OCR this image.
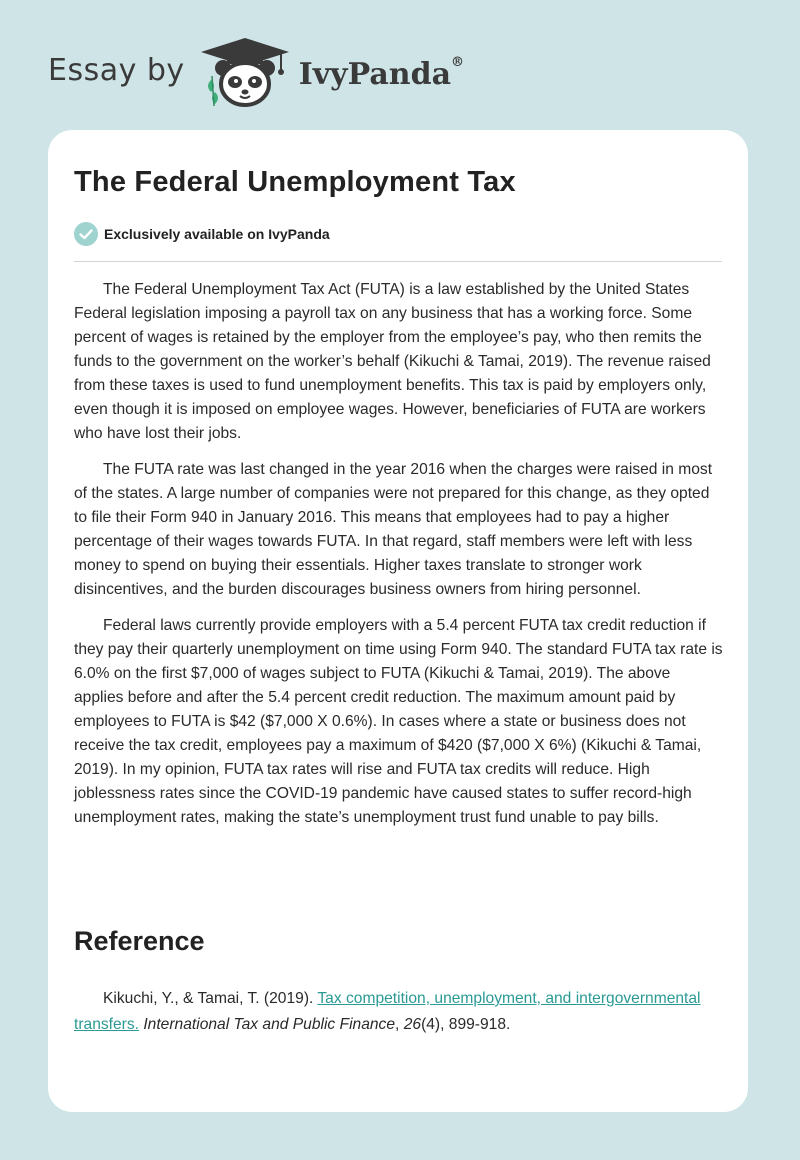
Essay by	IvyPanda®
The Federal Unemployment Tax
Exclusively available on IvyPanda

The Federal Unemployment Tax Act (FUTA) is a law established by the United States Federal legislation imposing a payroll tax on any business that has a working force. Some percent of wages is retained by the employer from the employee’s pay, who then remits the funds to the government on the worker’s behalf (Kikuchi & Tamai, 2019). The revenue raised from these taxes is used to fund unemployment benefits. This tax is paid by employers only, even though it is imposed on employee wages. However, beneficiaries of FUTA are workers who have lost their jobs.

The FUTA rate was last changed in the year 2016 when the charges were raised in most of the states. A large number of companies were not prepared for this change, as they opted to file their Form 940 in January 2016. This means that employees had to pay a higher percentage of their wages towards FUTA. In that regard, staff members were left with less money to spend on buying their essentials. Higher taxes translate to stronger work disincentives, and the burden discourages business owners from hiring personnel.

Federal laws currently provide employers with a 5.4 percent FUTA tax credit reduction if they pay their quarterly unemployment on time using Form 940. The standard FUTA tax rate is 6.0% on the first $7,000 of wages subject to FUTA (Kikuchi & Tamai, 2019). The above applies before and after the 5.4 percent credit reduction. The maximum amount paid by employees to FUTA is $42 ($7,000 X 0.6%). In cases where a state or business does not receive the tax credit, employees pay a maximum of $420 ($7,000 X 6%) (Kikuchi & Tamai, 2019). In my opinion, FUTA tax rates will rise and FUTA tax credits will reduce. High joblessness rates since the COVID-19 pandemic have caused states to suffer record-high unemployment rates, making the state’s unemployment trust fund unable to pay bills.

Reference

Kikuchi, Y., & Tamai, T. (2019). Tax competition, unemployment, and intergovernmental transfers. International Tax and Public Finance, 26(4), 899-918.
